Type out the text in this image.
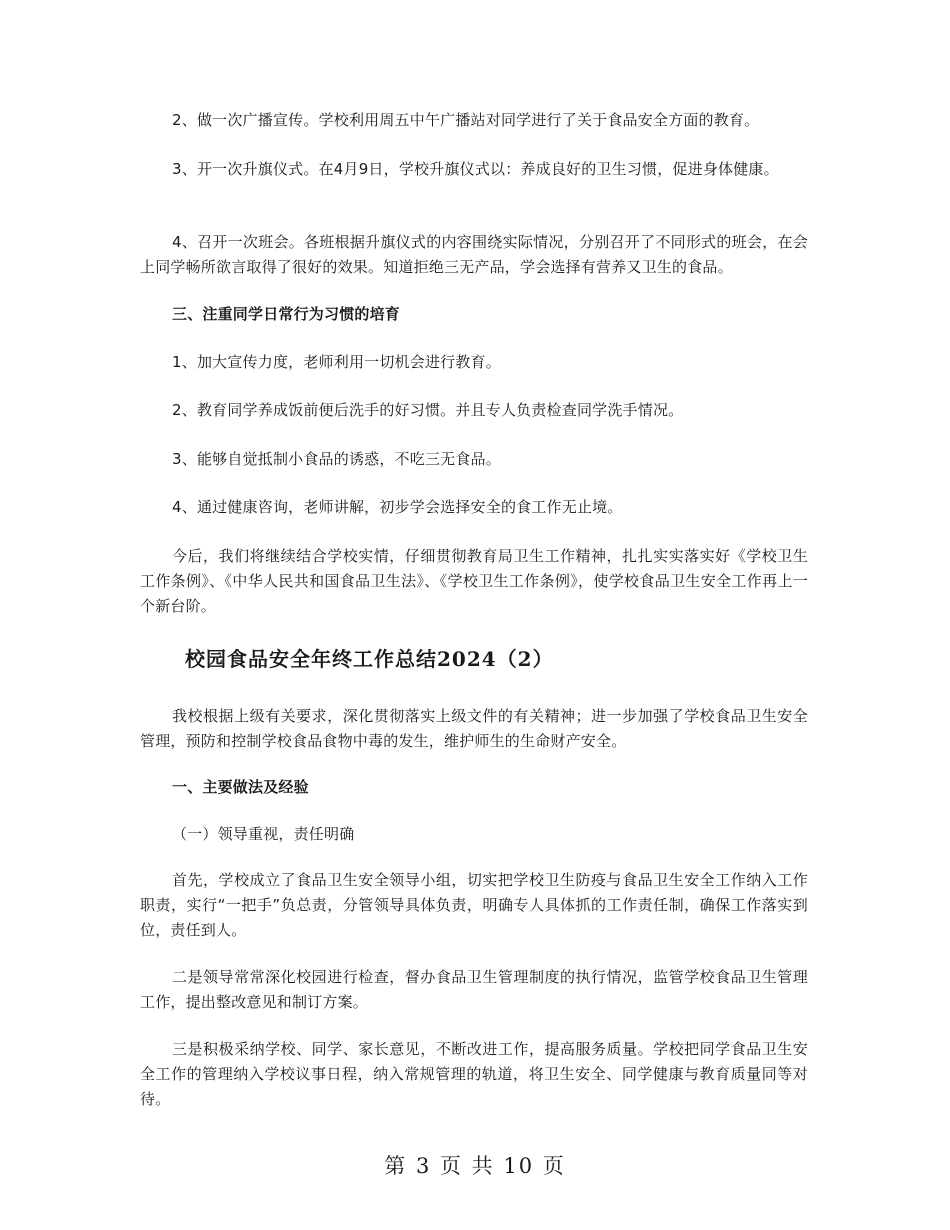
2、做一次广播宣传。学校利用周五中午广播站对同学进行了关于食品安全方面的教育。

3、开一次升旗仪式。在4月9日，学校升旗仪式以：养成良好的卫生习惯，促进身体健康。

4、召开一次班会。各班根据升旗仪式的内容围绕实际情况，分别召开了不同形式的班会，在会上同学畅所欲言取得了很好的效果。知道拒绝三无产品，学会选择有营养又卫生的食品。

三、注重同学日常行为习惯的培育

1、加大宣传力度，老师利用一切机会进行教育。

2、教育同学养成饭前便后洗手的好习惯。并且专人负责检查同学洗手情况。

3、能够自觉抵制小食品的诱惑，不吃三无食品。

4、通过健康咨询，老师讲解，初步学会选择安全的食工作无止境。

今后，我们将继续结合学校实情，仔细贯彻教育局卫生工作精神，扎扎实实落实好《学校卫生工作条例》、《中华人民共和国食品卫生法》、《学校卫生工作条例》，使学校食品卫生安全工作再上一个新台阶。

校园食品安全年终工作总结2024（2）

我校根据上级有关要求，深化贯彻落实上级文件的有关精神；进一步加强了学校食品卫生安全管理，预防和控制学校食品食物中毒的发生，维护师生的生命财产安全。

一、主要做法及经验

（一）领导重视，责任明确

首先，学校成立了食品卫生安全领导小组，切实把学校卫生防疫与食品卫生安全工作纳入工作职责，实行“一把手”负总责，分管领导具体负责，明确专人具体抓的工作责任制，确保工作落实到位，责任到人。

二是领导常常深化校园进行检查，督办食品卫生管理制度的执行情况，监管学校食品卫生管理工作，提出整改意见和制订方案。

三是积极采纳学校、同学、家长意见，不断改进工作，提高服务质量。学校把同学食品卫生安全工作的管理纳入学校议事日程，纳入常规管理的轨道，将卫生安全、同学健康与教育质量同等对待。

第 3 页 共 10 页
